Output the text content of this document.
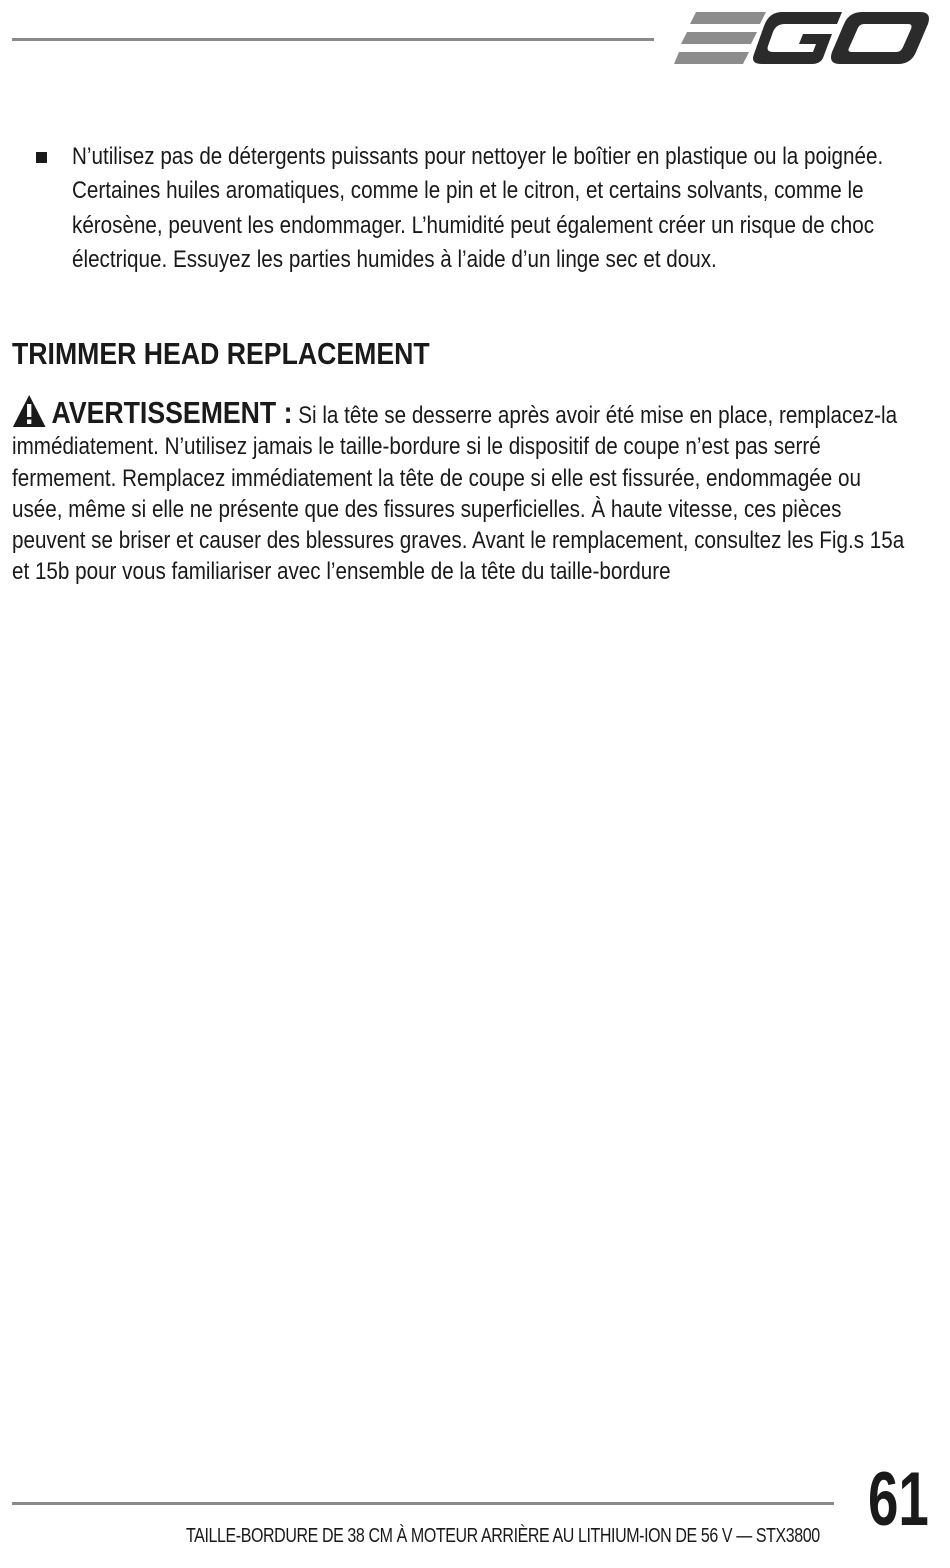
N’utilisez pas de détergents puissants pour nettoyer le boîtier en plastique ou la poignée. Certaines huiles aromatiques, comme le pin et le citron, et certains solvants, comme le kérosène, peuvent les endommager. L’humidité peut également créer un risque de choc électrique. Essuyez les parties humides à l’aide d’un linge sec et doux.
TRIMMER HEAD REPLACEMENT
AVERTISSEMENT : Si la tête se desserre après avoir été mise en place, remplacez-la immédiatement. N’utilisez jamais le taille-bordure si le dispositif de coupe n’est pas serré fermement. Remplacez immédiatement la tête de coupe si elle est fissurée, endommagée ou usée, même si elle ne présente que des fissures superficielles. À haute vitesse, ces pièces peuvent se briser et causer des blessures graves. Avant le remplacement, consultez les Fig.s 15a et 15b pour vous familiariser avec l’ensemble de la tête du taille-bordure
TAILLE-BORDURE DE 38 CM À MOTEUR ARRIÈRE AU LITHIUM-ION DE 56 V — STX3800 61
